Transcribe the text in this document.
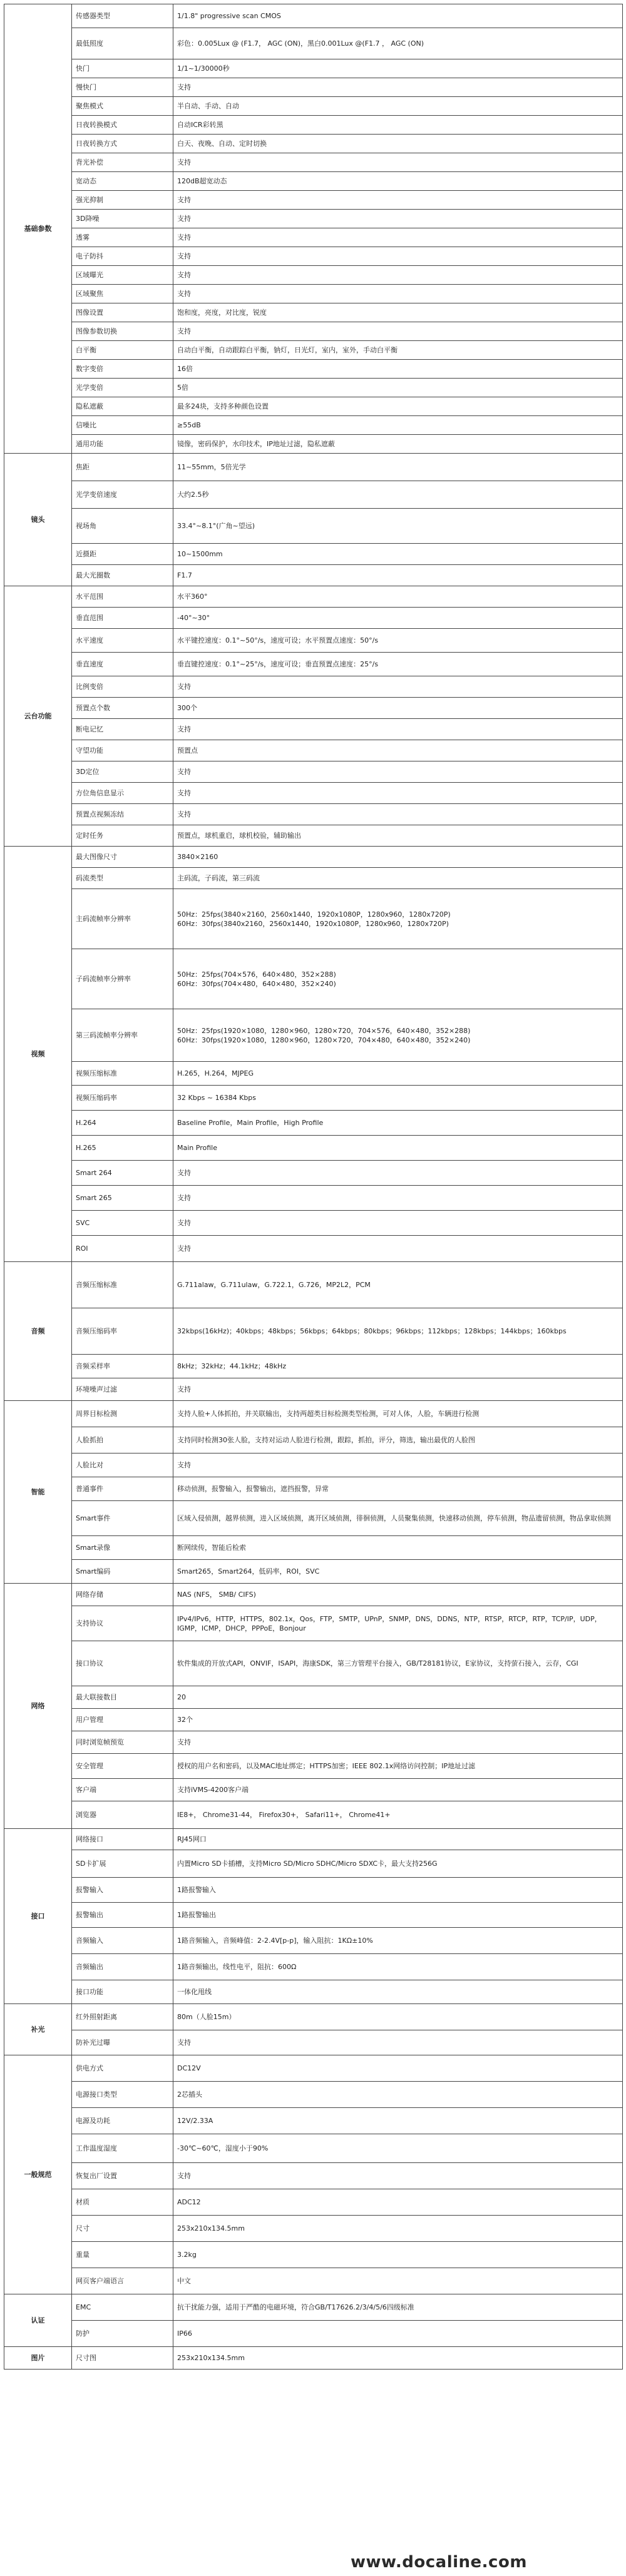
基础参数	传感器类型	1/1.8" progressive scan CMOS
	最低照度	彩色：0.005Lux @ (F1.7， AGC (ON)，黑白0.001Lux @(F1.7 ， AGC (ON)
	快门	1/1~1/30000秒
	慢快门	支持
	聚焦模式	半自动、手动、自动
	日夜转换模式	自动ICR彩转黑
	日夜转换方式	白天、夜晚、自动、定时切换
	背光补偿	支持
	宽动态	120dB超宽动态
	强光抑制	支持
	3D降噪	支持
	透雾	支持
	电子防抖	支持
	区域曝光	支持
	区域聚焦	支持
	图像设置	饱和度，亮度，对比度，锐度
	图像参数切换	支持
	白平衡	自动白平衡，自动跟踪白平衡，钠灯，日光灯，室内，室外，手动白平衡
	数字变倍	16倍
	光学变倍	5倍
	隐私遮蔽	最多24块，支持多种颜色设置
	信噪比	≥55dB
	通用功能	镜像，密码保护，水印技术，IP地址过滤，隐私遮蔽
镜头	焦距	11~55mm，5倍光学
	光学变倍速度	大约2.5秒
	视场角	33.4°~8.1°(广角~望远)
	近摄距	10~1500mm
	最大光圈数	F1.7
云台功能	水平范围	水平360°
	垂直范围	-40°~30°
	水平速度	水平键控速度：0.1°~50°/s，速度可设；水平预置点速度：50°/s
	垂直速度	垂直键控速度：0.1°~25°/s，速度可设；垂直预置点速度：25°/s
	比例变倍	支持
	预置点个数	300个
	断电记忆	支持
	守望功能	预置点
	3D定位	支持
	方位角信息显示	支持
	预置点视频冻结	支持
	定时任务	预置点，球机重启，球机校验，辅助输出
视频	最大图像尺寸	3840×2160
	码流类型	主码流，子码流，第三码流
	主码流帧率分辨率	50Hz：25fps(3840×2160，2560x1440，1920x1080P，1280x960，1280x720P)
60Hz：30fps(3840x2160，2560x1440，1920x1080P，1280x960，1280x720P)
	子码流帧率分辨率	50Hz：25fps(704×576，640×480，352×288)
60Hz：30fps(704×480，640×480，352×240)
	第三码流帧率分辨率	50Hz：25fps(1920×1080，1280×960，1280×720，704×576，640×480，352×288)
60Hz：30fps(1920×1080，1280×960，1280×720，704×480，640×480，352×240)
	视频压缩标准	H.265，H.264，MJPEG
	视频压缩码率	32 Kbps ~ 16384 Kbps
	H.264	Baseline Profile，Main Profile，High Profile
	H.265	Main Profile
	Smart 264	支持
	Smart 265	支持
	SVC	支持
	ROI	支持
音频	音频压缩标准	G.711alaw，G.711ulaw，G.722.1，G.726，MP2L2，PCM
	音频压缩码率	32kbps(16kHz)；40kbps；48kbps；56kbps；64kbps；80kbps；96kbps；112kbps；128kbps；144kbps；160kbps
	音频采样率	8kHz；32kHz；44.1kHz；48kHz
	环境噪声过滤	支持
智能	周界目标检测	支持人脸+人体抓拍，并关联输出，支持两超类目标检测类型检测，可对人体，人脸，车辆进行检测
	人脸抓拍	支持同时检测30张人脸，支持对运动人脸进行检测，跟踪，抓拍，评分，筛选，输出最优的人脸图
	人脸比对	支持
	普通事件	移动侦测，报警输入，报警输出，遮挡报警，异常
	Smart事件	区域入侵侦测，越界侦测，进入区域侦测，离开区域侦测，徘徊侦测，人员聚集侦测，快速移动侦测，停车侦测，物品遗留侦测，物品拿取侦测
	Smart录像	断网续传，智能后检索
	Smart编码	Smart265，Smart264，低码率，ROI，SVC
网络	网络存储	NAS (NFS， SMB/ CIFS)
	支持协议	IPv4/IPv6，HTTP，HTTPS，802.1x，Qos，FTP，SMTP，UPnP，SNMP，DNS，DDNS，NTP，RTSP，RTCP，RTP，TCP/IP，UDP，IGMP，ICMP，DHCP，PPPoE，Bonjour
	接口协议	软件集成的开放式API，ONVIF，ISAPI，海康SDK，第三方管理平台接入，GB/T28181协议，E家协议，支持萤石接入，云存，CGI
	最大联接数目	20
	用户管理	32个
	同时浏览帧预览	支持
	安全管理	授权的用户名和密码，以及MAC地址绑定；HTTPS加密；IEEE 802.1x网络访问控制；IP地址过滤
	客户端	支持iVMS-4200客户端
	浏览器	IE8+， Chrome31-44， Firefox30+， Safari11+， Chrome41+
接口	网络接口	RJ45网口
	SD卡扩展	内置Micro SD卡插槽，支持Micro SD/Micro SDHC/Micro SDXC卡，最大支持256G
	报警输入	1路报警输入
	报警输出	1路报警输出
	音频输入	1路音频输入，音频峰值：2-2.4V[p-p]，输入阻抗：1KΩ±10%
	音频输出	1路音频输出，线性电平，阻抗：600Ω
	接口功能	一体化甩线
补光	红外照射距离	80m（人脸15m）
	防补光过曝	支持
一般规范	供电方式	DC12V
	电源接口类型	2芯插头
	电源及功耗	12V/2.33A
	工作温度湿度	-30℃~60℃，湿度小于90%
	恢复出厂设置	支持
	材质	ADC12
	尺寸	253x210x134.5mm
	重量	3.2kg
	网页客户端语言	中文
认证	EMC	抗干扰能力强，适用于严酷的电磁环境，符合GB/T17626.2/3/4/5/6四级标准
	防护	IP66
图片	尺寸图	253x210x134.5mm
www.docaline.com
